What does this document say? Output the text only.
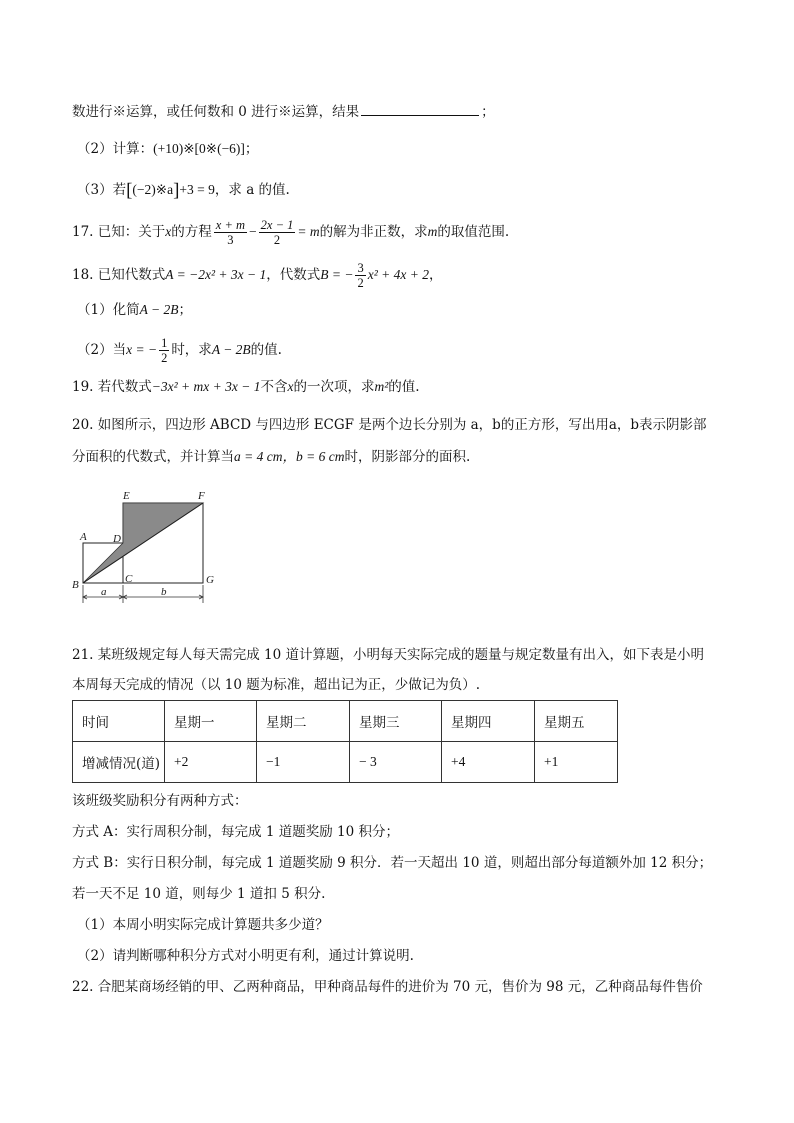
数进行※运算，或任何数和 0 进行※运算，结果	；
（2）计算：(+10)※[0※(−6)]；
（3）若[(−2)※a]+3 = 9，求 a 的值.
17. 已知：关于x的方程 $\frac{x + m}{3} - \frac{2x - 1}{2} = m$的解为非正数，求m的取值范围.
18. 已知代数式A = −2x² + 3x − 1，代数式B = − $\frac{3}{2} x^2 + 4x + 2$，
（1）化简A − 2B；
（2）当x = − $\frac{1}{2}$ 时，求A − 2B的值.
19. 若代数式−3x² + mx + 3x − 1不含x的一次项，求m²的值.
20. 如图所示，四边形 ABCD 与四边形 ECGF 是两个边长分别为 a，b的正方形，写出用a，b表示阴影部
分面积的代数式，并计算当a = 4 cm，b = 6 cm时，阴影部分的面积.
A
B	C
D
E	F
G
a	b
21. 某班级规定每人每天需完成 10 道计算题，小明每天实际完成的题量与规定数量有出入，如下表是小明
本周每天完成的情况（以 10 题为标准，超出记为正，少做记为负）.
时间	星期一	星期二	星期三	星期四	星期五
增减情况(道)	+2	−1	− 3	+4	+1
该班级奖励积分有两种方式：
方式 A：实行周积分制，每完成 1 道题奖励 10 积分；
方式 B：实行日积分制，每完成 1 道题奖励 9 积分．若一天超出 10 道，则超出部分每道额外加 12 积分；
若一天不足 10 道，则每少 1 道扣 5 积分.
（1）本周小明实际完成计算题共多少道？
（2）请判断哪种积分方式对小明更有利，通过计算说明.
22. 合肥某商场经销的甲、乙两种商品，甲种商品每件的进价为 70 元，售价为 98 元，乙种商品每件售价
